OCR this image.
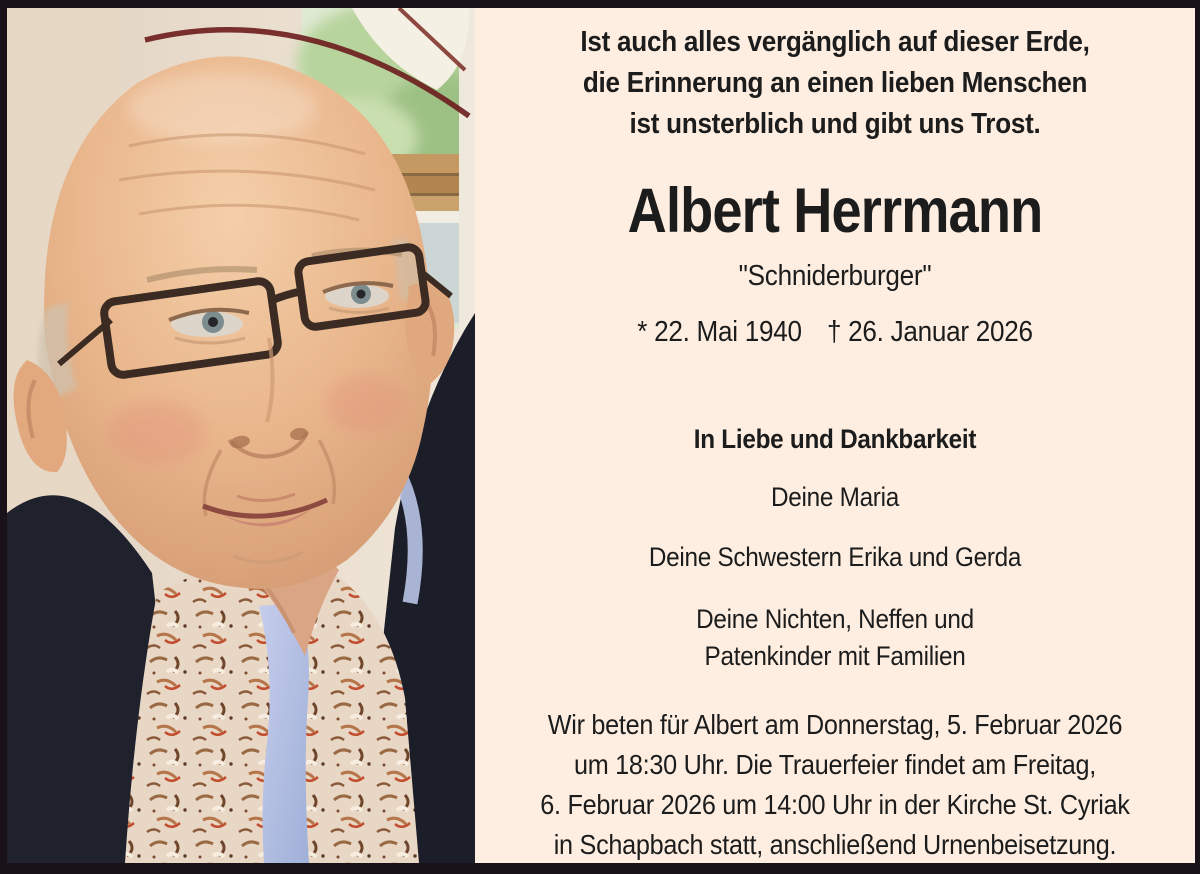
Ist auch alles vergänglich auf dieser Erde,
die Erinnerung an einen lieben Menschen
ist unsterblich und gibt uns Trost.
Albert Herrmann
"Schniderburger"
* 22. Mai 1940 † 26. Januar 2026
In Liebe und Dankbarkeit
Deine Maria
Deine Schwestern Erika und Gerda
Deine Nichten, Neffen und
Patenkinder mit Familien
Wir beten für Albert am Donnerstag, 5. Februar 2026
um 18:30 Uhr. Die Trauerfeier findet am Freitag,
6. Februar 2026 um 14:00 Uhr in der Kirche St. Cyriak
in Schapbach statt, anschließend Urnenbeisetzung.
